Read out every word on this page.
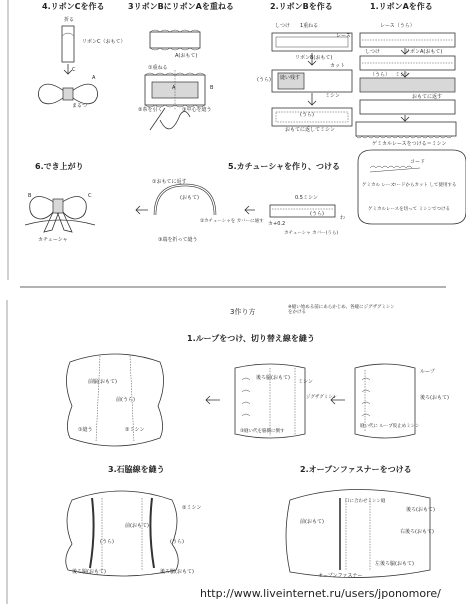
1.リボンAを作る
レース（うら）
しつけ	リボンA(おもて)
（うら） ミシン
おもてに返す
ゲミカルレースをつける＝ミシン
2.リボンBを作る
しつけ 1重ねる
レース
リボンB(おもて)
カット
(うら) 縫い残す
ミシン
(うら)
おもてに返してミシン
3リボンBにリボンAを重ねる
A(おもて)
①重ねる
B
A
②糸を引く	③中心を縫う
4.リボンCを作る
折る
リボンC（おもて）
C
A
まるつ
5.カチューシャを作り、つける
①おもてに返す
(おもて)
②カチューシャを カバーに通す
③端を折って縫う
0.5ミシン
(うら)
わ
カ+0.2
カチューシャ カバー(うら)
6.でき上がり
カチューシャ
B	C
コード
ゲミカル レース
コードからカット して使用する
ゲミカルレースを切って ミシンでつける
3作り方
※縫い始める前にあらかじめ、各縫にジグザグミシンをかける
1.ループをつけ、切り替え線を縫う
前脇(おもて)
後ろ脇(おもて)
ミシン
②ミシン
ループ
後ろ(おもて)
縫い代に ループ仮止めミシン
③縫い代を脇側に倒す
①縫う
前(うら)	ジグザグミシン
2.オープンファスナーをつける
オープンファスナー
後ろ(おもて)
左後ろ脇(おもて)
前(おもて)
右後ろ(おもて)
口に合わせミシン縫
3.石脇線を縫う
②ミシン
前(おもて)
後ろ脇(おもて)	後ろ脇(おもて)
(うら)	(うら)
http://www.liveinternet.ru/users/jponomore/
